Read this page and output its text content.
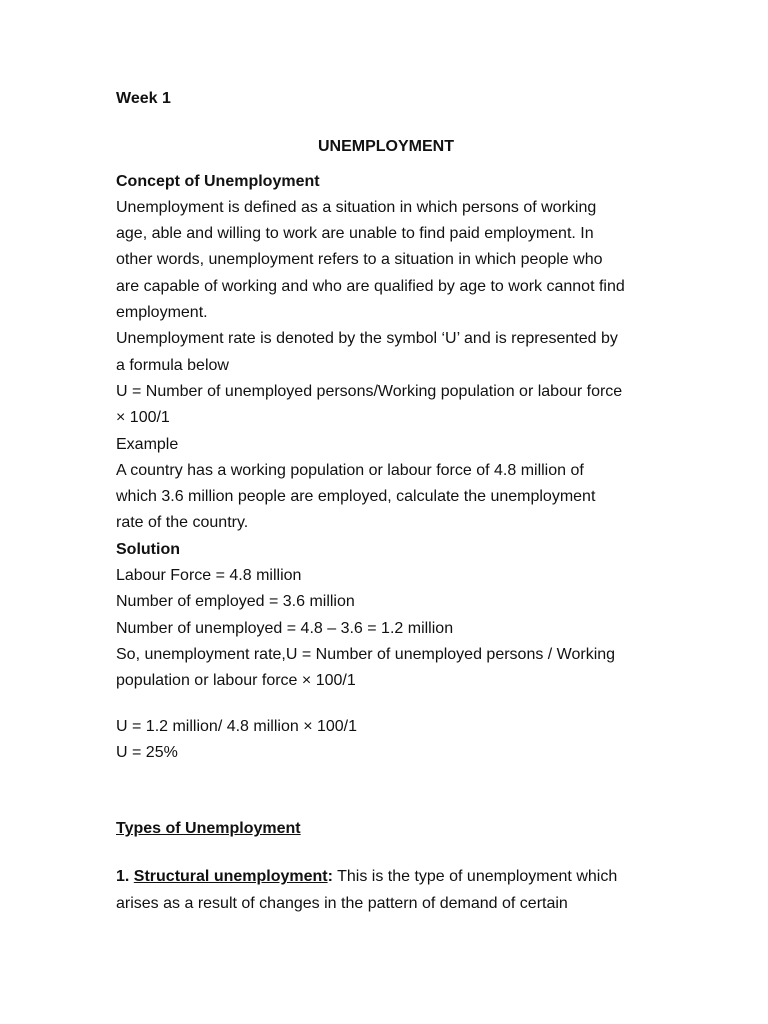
Week 1
UNEMPLOYMENT
Concept of Unemployment
Unemployment is defined as a situation in which persons of working
age, able and willing to work are unable to find paid employment. In
other words, unemployment refers to a situation in which people who
are capable of working and who are qualified by age to work cannot find
employment.
Unemployment rate is denoted by the symbol ‘U’ and is represented by
a formula below
U = Number of unemployed persons/Working population or labour force
× 100/1
Example
A country has a working population or labour force of 4.8 million of
which 3.6 million people are employed, calculate the unemployment
rate of the country.
Solution
Labour Force = 4.8 million
Number of employed = 3.6 million
Number of unemployed = 4.8 – 3.6 = 1.2 million
So, unemployment rate,U = Number of unemployed persons / Working
population or labour force × 100/1
U = 1.2 million/ 4.8 million × 100/1
U = 25%
Types of Unemployment
1. Structural unemployment: This is the type of unemployment which
arises as a result of changes in the pattern of demand of certain
